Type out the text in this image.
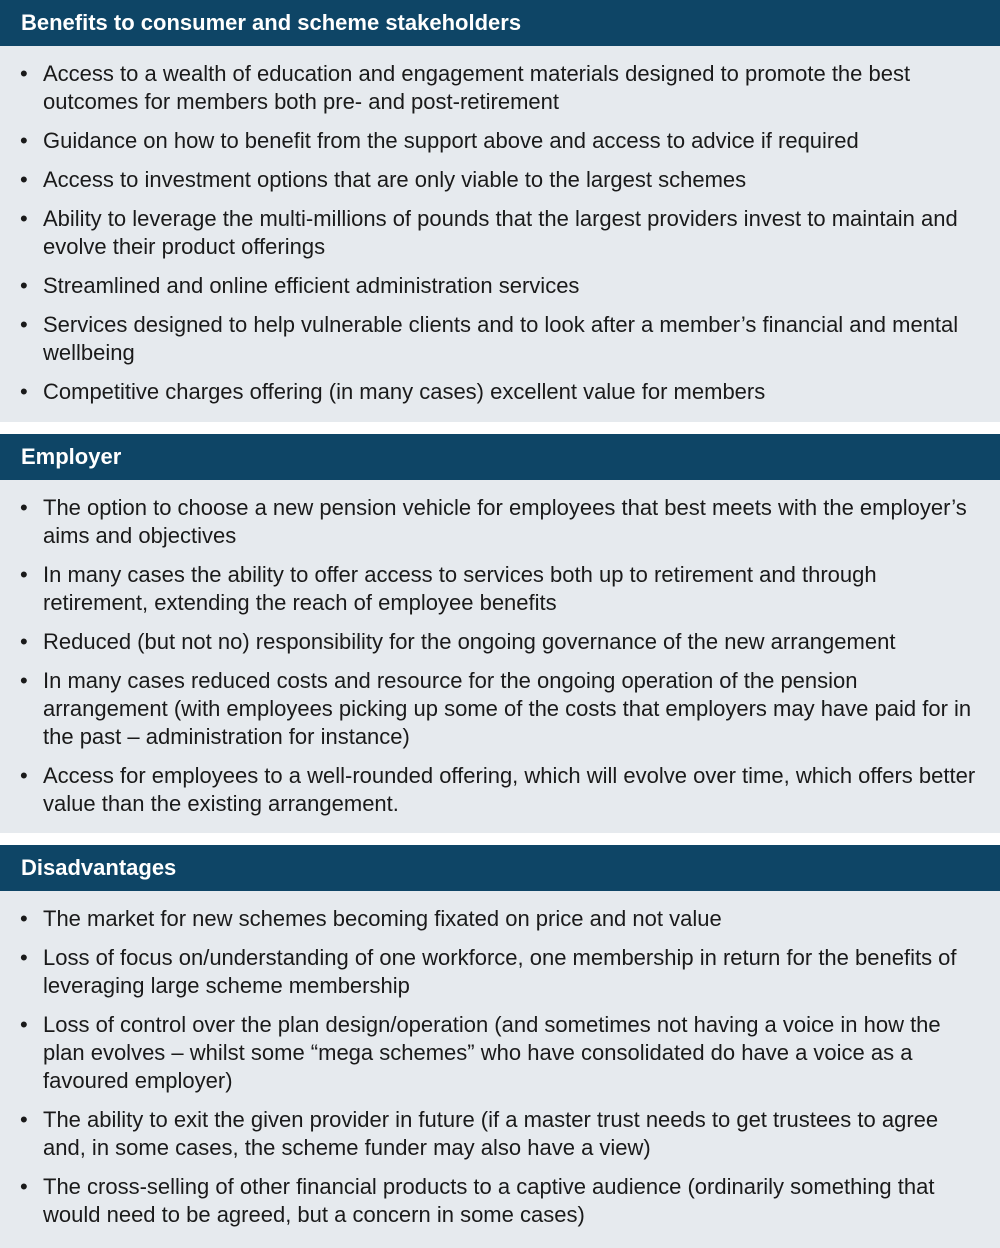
Benefits to consumer and scheme stakeholders
• Access to a wealth of education and engagement materials designed to promote the best outcomes for members both pre- and post-retirement
• Guidance on how to benefit from the support above and access to advice if required
• Access to investment options that are only viable to the largest schemes
• Ability to leverage the multi-millions of pounds that the largest providers invest to maintain and evolve their product offerings
• Streamlined and online efficient administration services
• Services designed to help vulnerable clients and to look after a member’s financial and mental wellbeing
• Competitive charges offering (in many cases) excellent value for members
Employer
• The option to choose a new pension vehicle for employees that best meets with the employer’s aims and objectives
• In many cases the ability to offer access to services both up to retirement and through retirement, extending the reach of employee benefits
• Reduced (but not no) responsibility for the ongoing governance of the new arrangement
• In many cases reduced costs and resource for the ongoing operation of the pension arrangement (with employees picking up some of the costs that employers may have paid for in the past – administration for instance)
• Access for employees to a well-rounded offering, which will evolve over time, which offers better value than the existing arrangement.
Disadvantages
• The market for new schemes becoming fixated on price and not value
• Loss of focus on/understanding of one workforce, one membership in return for the benefits of leveraging large scheme membership
• Loss of control over the plan design/operation (and sometimes not having a voice in how the plan evolves – whilst some “mega schemes” who have consolidated do have a voice as a favoured employer)
• The ability to exit the given provider in future (if a master trust needs to get trustees to agree and, in some cases, the scheme funder may also have a view)
• The cross-selling of other financial products to a captive audience (ordinarily something that would need to be agreed, but a concern in some cases)
